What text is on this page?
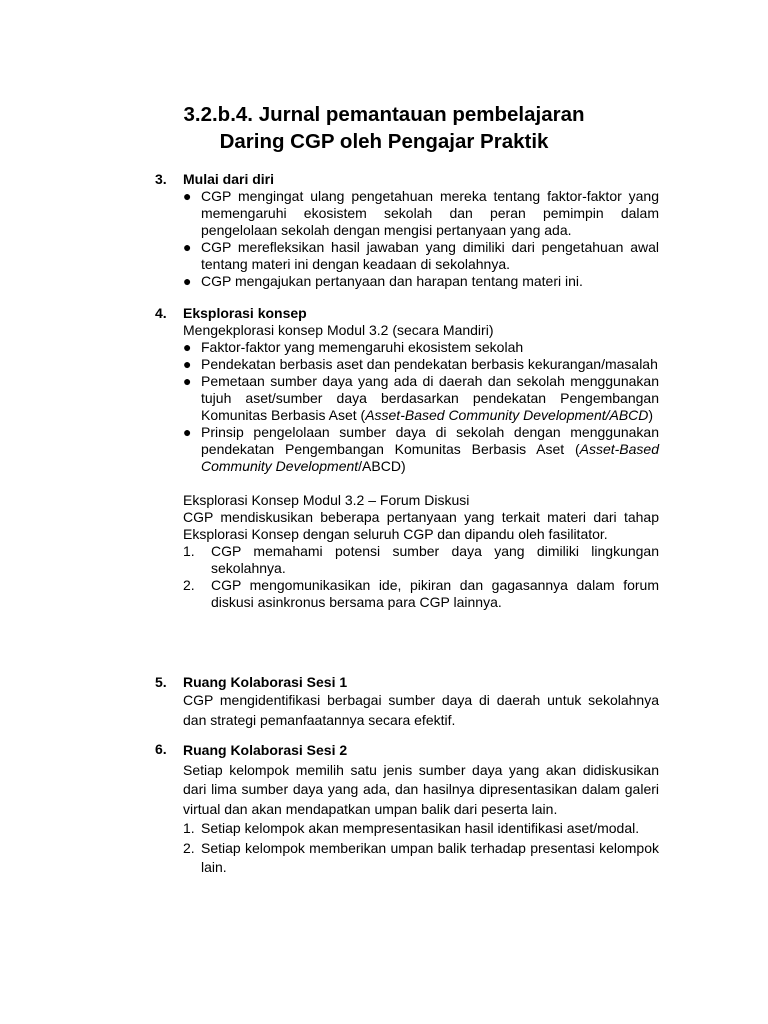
3.2.b.4. Jurnal pemantauan pembelajaran
Daring CGP oleh Pengajar Praktik
3. Mulai dari diri
● CGP mengingat ulang pengetahuan mereka tentang faktor-faktor yang memengaruhi ekosistem sekolah dan peran pemimpin dalam pengelolaan sekolah dengan mengisi pertanyaan yang ada.
● CGP merefleksikan hasil jawaban yang dimiliki dari pengetahuan awal tentang materi ini dengan keadaan di sekolahnya.
● CGP mengajukan pertanyaan dan harapan tentang materi ini.
4. Eksplorasi konsep

Mengekplorasi konsep Modul 3.2 (secara Mandiri)

● Faktor-faktor yang memengaruhi ekosistem sekolah
● Pendekatan berbasis aset dan pendekatan berbasis kekurangan/masalah
● Pemetaan sumber daya yang ada di daerah dan sekolah menggunakan tujuh aset/sumber daya berdasarkan pendekatan Pengembangan Komunitas Berbasis Aset (Asset-Based Community Development/ABCD)
● Prinsip pengelolaan sumber daya di sekolah dengan menggunakan pendekatan Pengembangan Komunitas Berbasis Aset (Asset-Based Community Development/ABCD)

Eksplorasi Konsep Modul 3.2 – Forum Diskusi

CGP mendiskusikan beberapa pertanyaan yang terkait materi dari tahap Eksplorasi Konsep dengan seluruh CGP dan dipandu oleh fasilitator.

1. CGP memahami potensi sumber daya yang dimiliki lingkungan sekolahnya.
2. CGP mengomunikasikan ide, pikiran dan gagasannya dalam forum diskusi asinkronus bersama para CGP lainnya.
5. Ruang Kolaborasi Sesi 1

CGP mengidentifikasi berbagai sumber daya di daerah untuk sekolahnya dan strategi pemanfaatannya secara efektif.

6. Ruang Kolaborasi Sesi 2

Setiap kelompok memilih satu jenis sumber daya yang akan didiskusikan dari lima sumber daya yang ada, dan hasilnya dipresentasikan dalam galeri virtual dan akan mendapatkan umpan balik dari peserta lain.

1. Setiap kelompok akan mempresentasikan hasil identifikasi aset/modal.
2. Setiap kelompok memberikan umpan balik terhadap presentasi kelompok lain.
